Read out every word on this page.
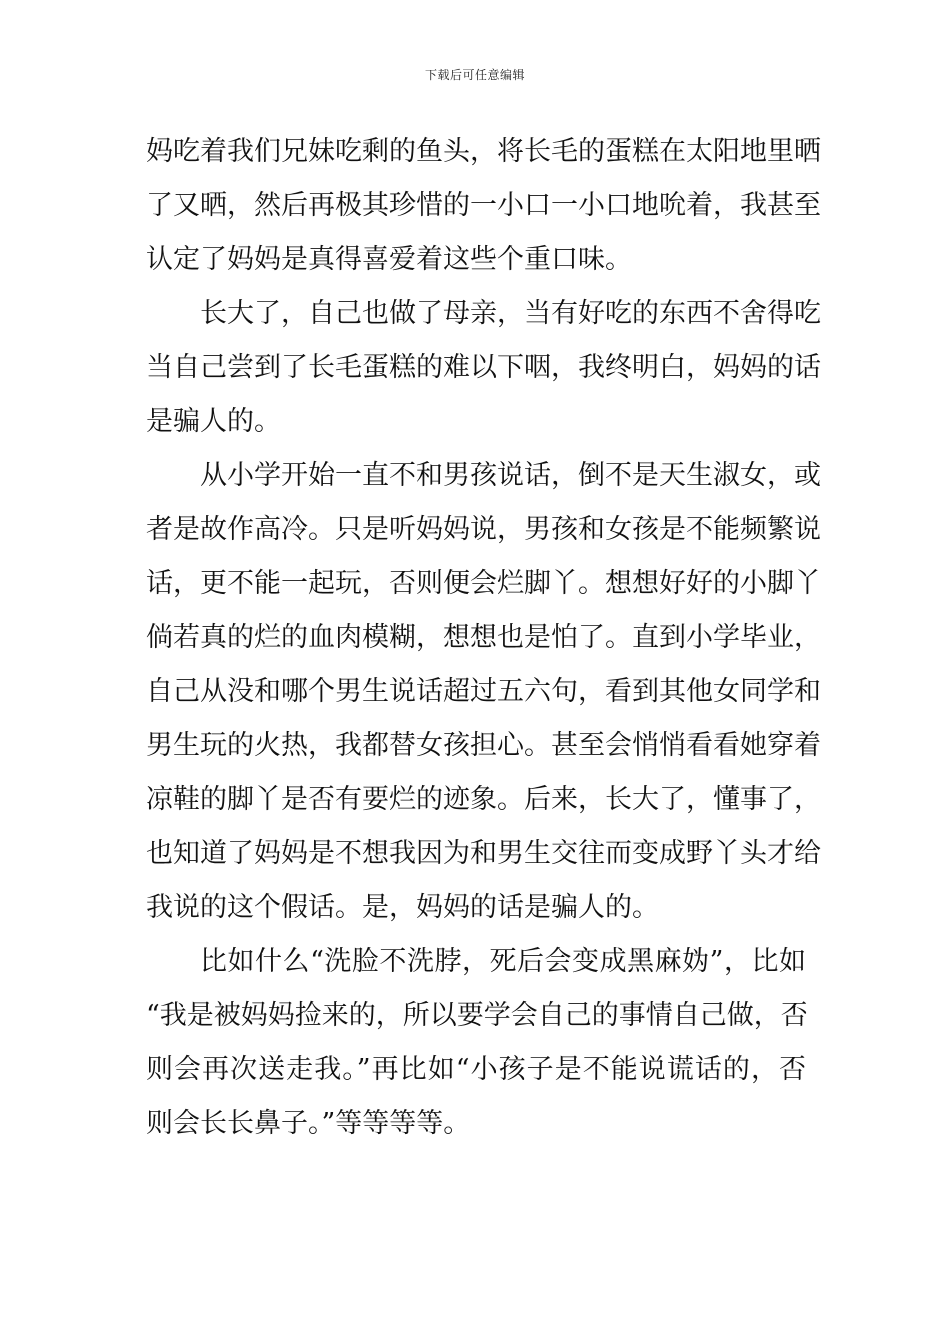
下载后可任意编辑
妈吃着我们兄妹吃剩的鱼头，将长毛的蛋糕在太阳地里晒
了又晒，然后再极其珍惜的一小口一小口地吮着，我甚至
认定了妈妈是真得喜爱着这些个重口味。
长大了，自己也做了母亲，当有好吃的东西不舍得吃
当自己尝到了长毛蛋糕的难以下咽，我终明白，妈妈的话
是骗人的。
从小学开始一直不和男孩说话，倒不是天生淑女，或
者是故作高冷。只是听妈妈说，男孩和女孩是不能频繁说
话，更不能一起玩，否则便会烂脚丫。想想好好的小脚丫
倘若真的烂的血肉模糊，想想也是怕了。直到小学毕业，
自己从没和哪个男生说话超过五六句，看到其他女同学和
男生玩的火热，我都替女孩担心。甚至会悄悄看看她穿着
凉鞋的脚丫是否有要烂的迹象。后来，长大了，懂事了，
也知道了妈妈是不想我因为和男生交往而变成野丫头才给
我说的这个假话。是，妈妈的话是骗人的。
比如什么“洗脸不洗脖，死后会变成黑麻妫”，比如
“我是被妈妈捡来的，所以要学会自己的事情自己做，否
则会再次送走我。”再比如“小孩子是不能说谎话的，否
则会长长鼻子。”等等等等。
